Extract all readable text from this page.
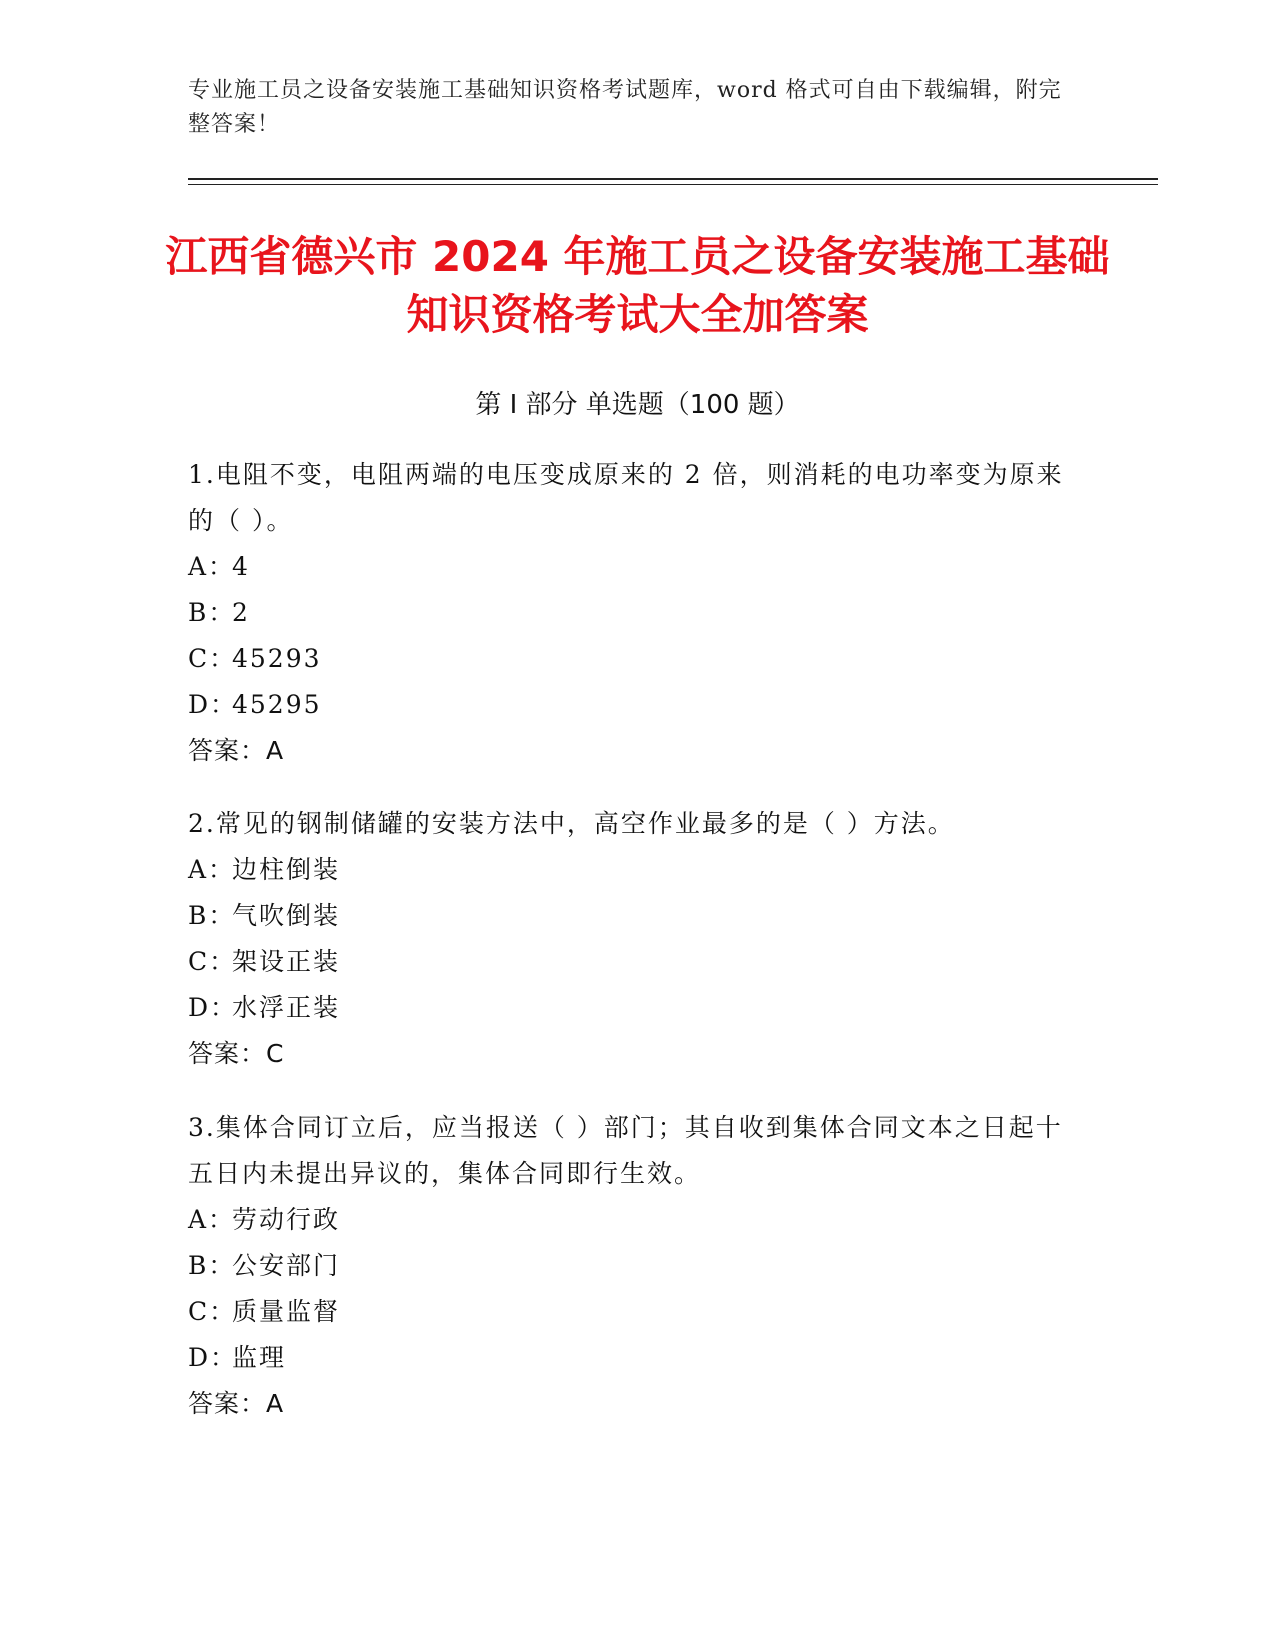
专业施工员之设备安装施工基础知识资格考试题库，word 格式可自由下载编辑，附完整答案！
江西省德兴市 2024 年施工员之设备安装施工基础知识资格考试大全加答案
第 I 部分 单选题（100 题）
1.电阻不变，电阻两端的电压变成原来的 2 倍，则消耗的电功率变为原来的（ ）。
A：4
B：2
C：45293
D：45295
答案：A
2.常见的钢制储罐的安装方法中，高空作业最多的是（ ）方法。
A：边柱倒装
B：气吹倒装
C：架设正装
D：水浮正装
答案：C
3.集体合同订立后，应当报送（ ）部门；其自收到集体合同文本之日起十五日内未提出异议的，集体合同即行生效。
A：劳动行政
B：公安部门
C：质量监督
D：监理
答案：A
